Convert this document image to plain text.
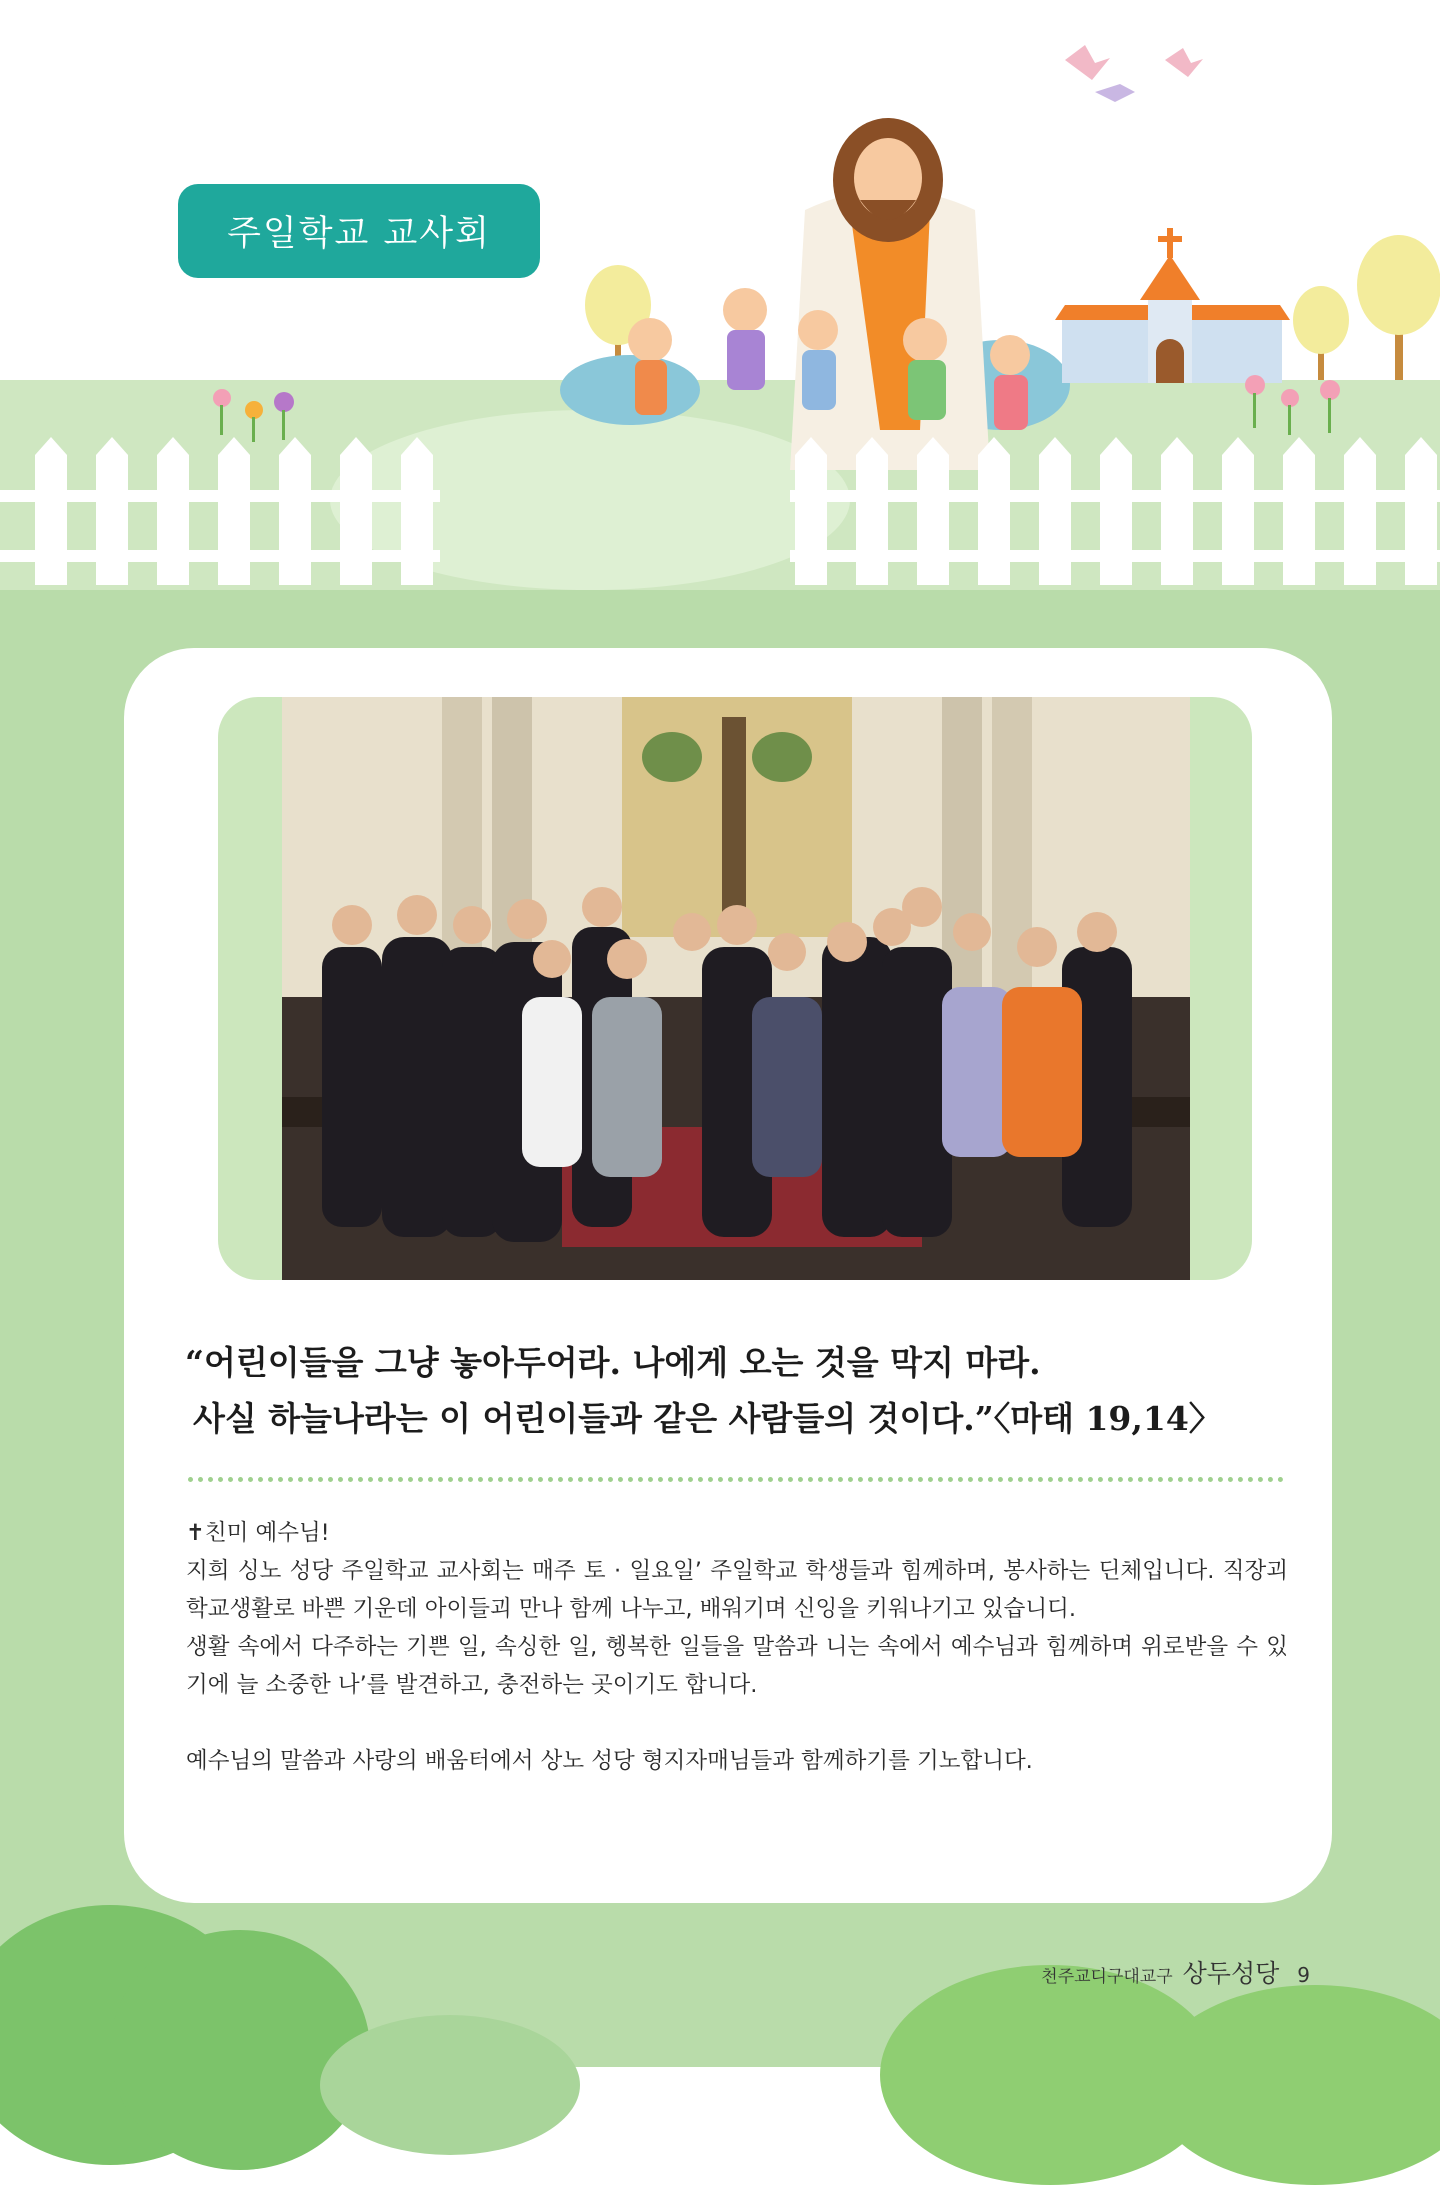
주일학교 교사회
“어린이들을 그냥 놓아두어라. 나에게 오는 것을 막지 마라.
사실 하늘나라는 이 어린이들과 같은 사람들의 것이다.”〈마태 19,14〉

✝친미 예수님!

지희 싱노 성당 주일학교 교사회는 매주 토 · 일요일’ 주일학교 학생들과 힘께하며, 봉사하는 딘체입니다. 직장괴 학교생활로 바쁜 기운데 아이들괴 만나 함께 나누고, 배워기며 신잉을 키워나기고 있습니디.

생활 속에서 다주하는 기쁜 일, 속싱한 일, 헹복한 일들을 말씀과 니는 속에서 예수님과 힘께하며 위로받을 수 있기에 늘 소중한 나’를 발견하고, 충전하는 곳이기도 합니다.

예수님의 말씀과 사랑의 배움터에서 상노 성당 형지자매님들과 함께하기를 기노합니다.

천주교디구대교구 상두성당 9
